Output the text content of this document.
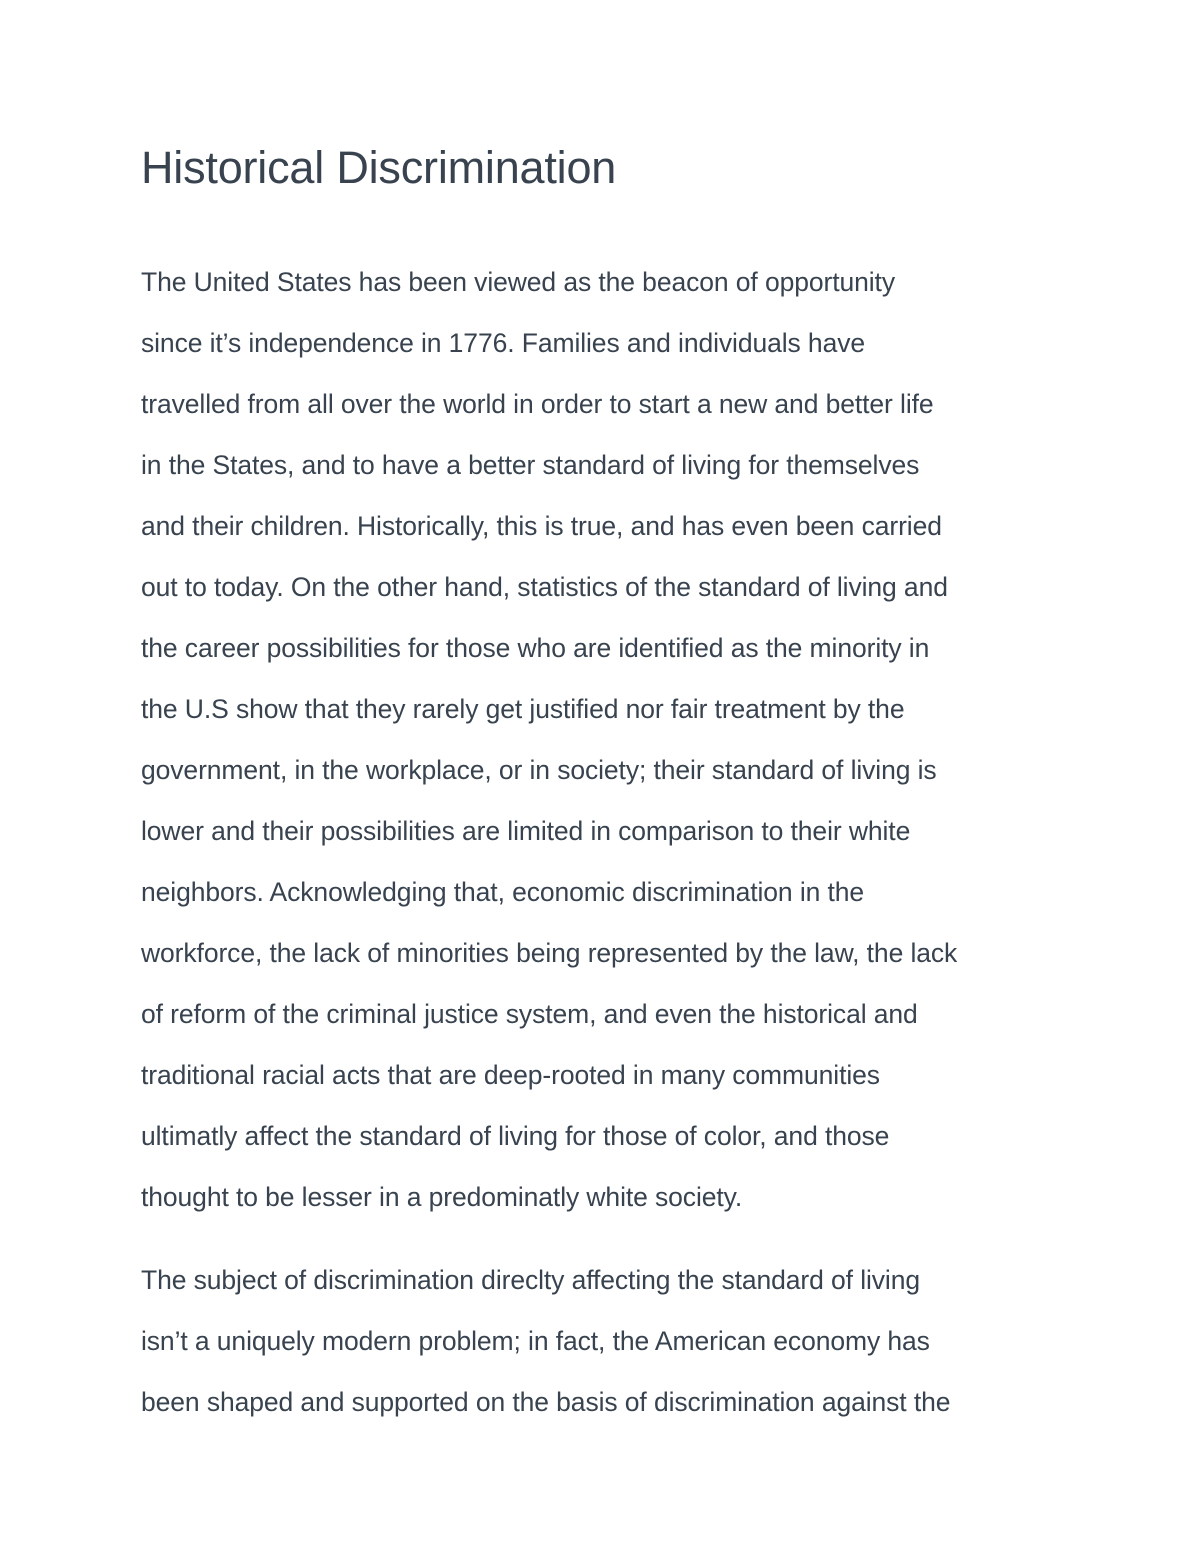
Historical Discrimination
The United States has been viewed as the beacon of opportunity
since it’s independence in 1776. Families and individuals have
travelled from all over the world in order to start a new and better life
in the States, and to have a better standard of living for themselves
and their children. Historically, this is true, and has even been carried
out to today. On the other hand, statistics of the standard of living and
the career possibilities for those who are identified as the minority in
the U.S show that they rarely get justified nor fair treatment by the
government, in the workplace, or in society; their standard of living is
lower and their possibilities are limited in comparison to their white
neighbors. Acknowledging that, economic discrimination in the
workforce, the lack of minorities being represented by the law, the lack
of reform of the criminal justice system, and even the historical and
traditional racial acts that are deep-rooted in many communities
ultimatly affect the standard of living for those of color, and those
thought to be lesser in a predominatly white society.
The subject of discrimination direclty affecting the standard of living
isn’t a uniquely modern problem; in fact, the American economy has
been shaped and supported on the basis of discrimination against the
